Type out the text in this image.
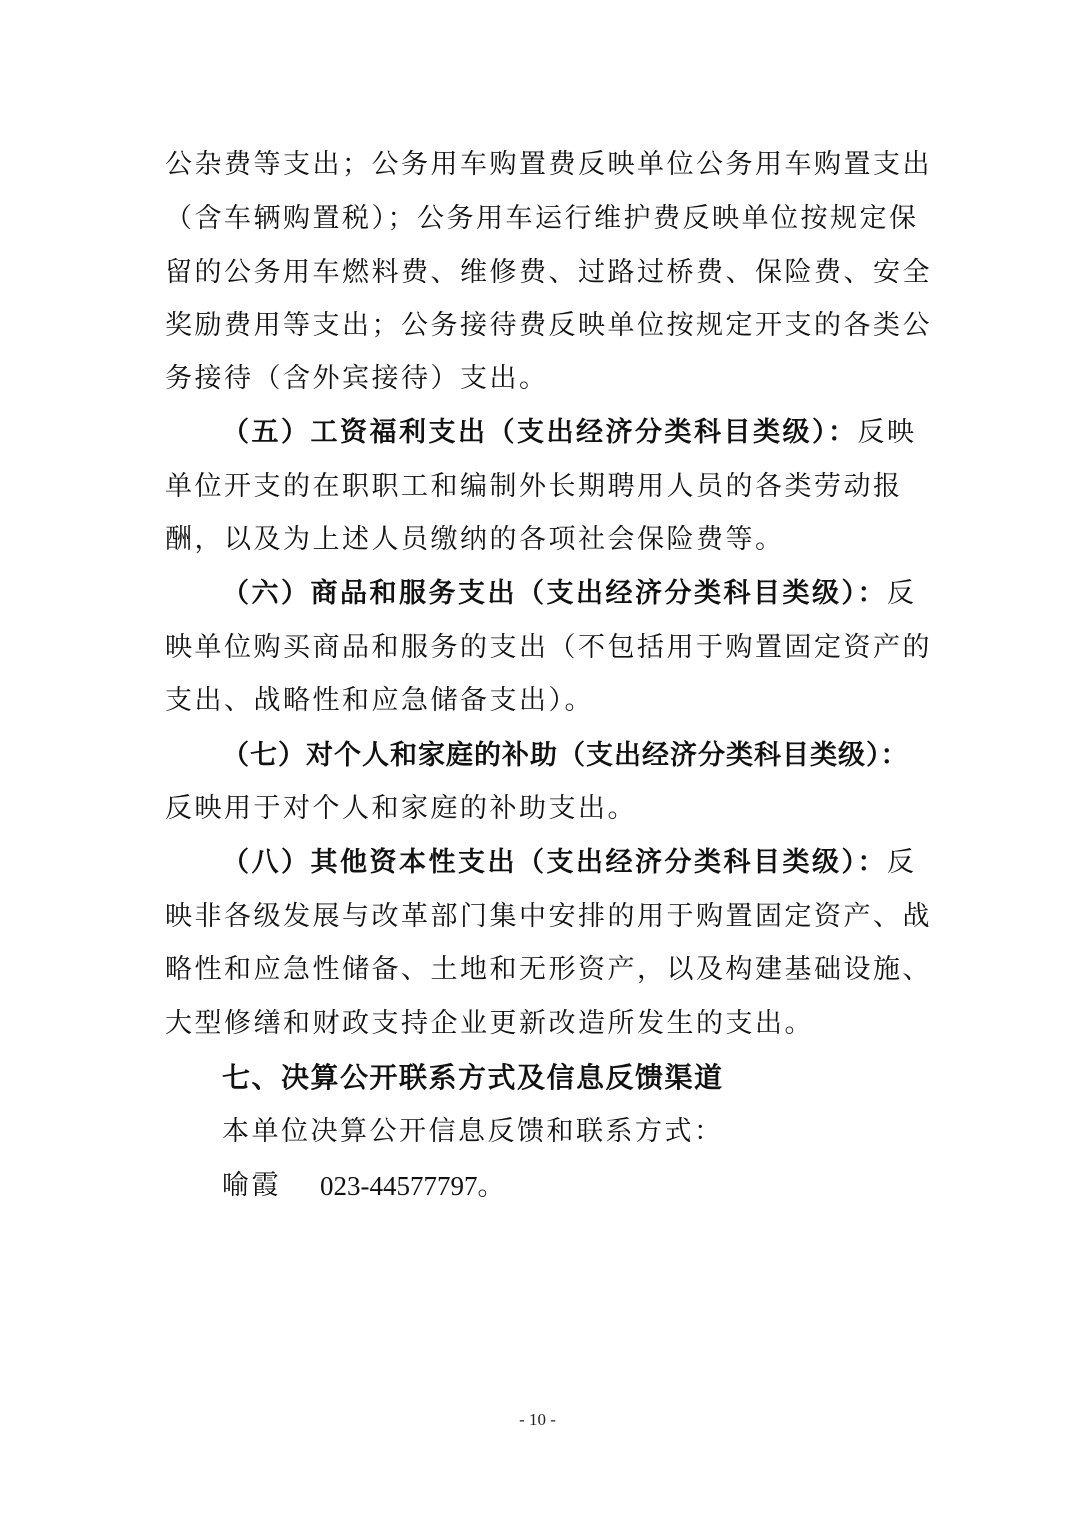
公杂费等支出；公务用车购置费反映单位公务用车购置支出
（含车辆购置税）；公务用车运行维护费反映单位按规定保
留的公务用车燃料费、维修费、过路过桥费、保险费、安全
奖励费用等支出；公务接待费反映单位按规定开支的各类公
务接待（含外宾接待）支出。
（五）工资福利支出（支出经济分类科目类级）：反映
单位开支的在职职工和编制外长期聘用人员的各类劳动报
酬，以及为上述人员缴纳的各项社会保险费等。
（六）商品和服务支出（支出经济分类科目类级）：反
映单位购买商品和服务的支出（不包括用于购置固定资产的
支出、战略性和应急储备支出）。
（七）对个人和家庭的补助（支出经济分类科目类级）：
反映用于对个人和家庭的补助支出。
（八）其他资本性支出（支出经济分类科目类级）：反
映非各级发展与改革部门集中安排的用于购置固定资产、战
略性和应急性储备、土地和无形资产，以及构建基础设施、
大型修缮和财政支持企业更新改造所发生的支出。
七、决算公开联系方式及信息反馈渠道
本单位决算公开信息反馈和联系方式：
喻霞 023-44577797。
- 10 -
